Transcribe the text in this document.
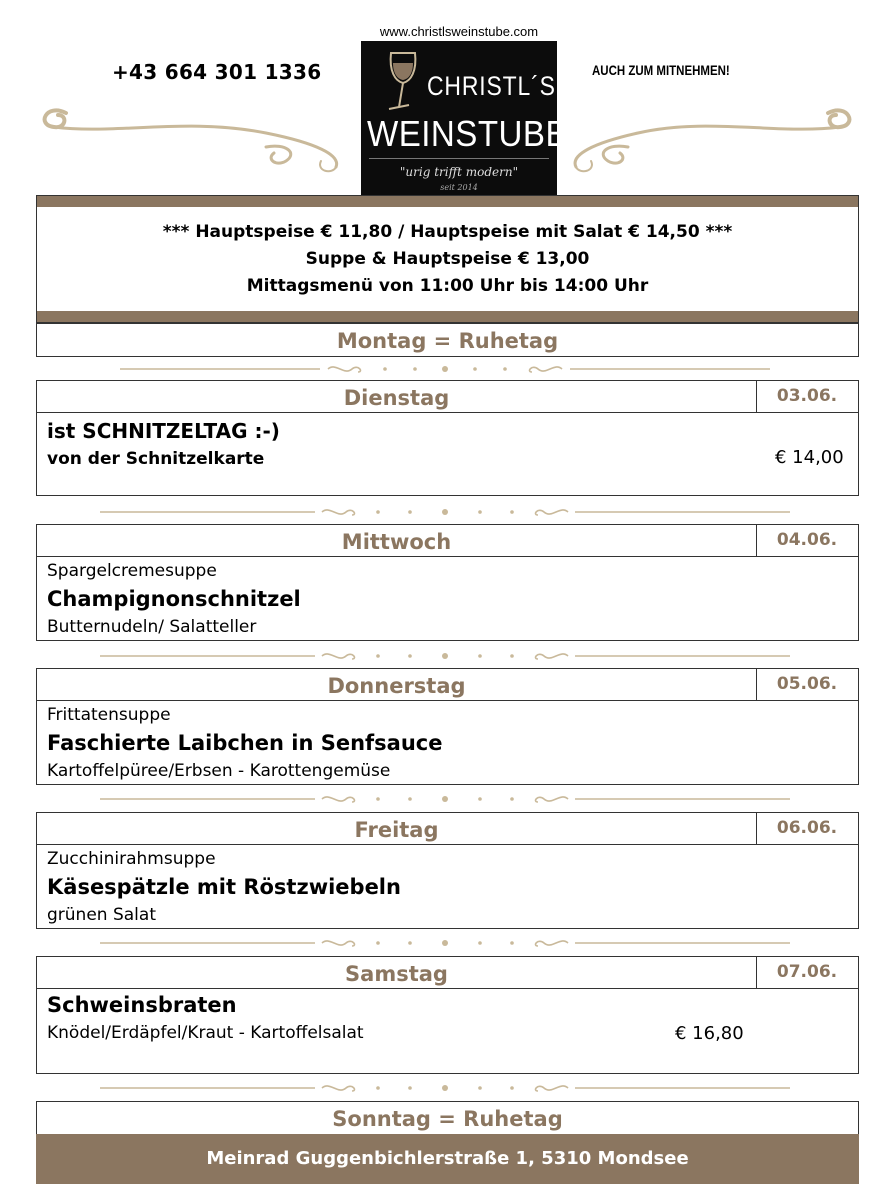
www.christlsweinstube.com
+43 664 301 1336	AUCH ZUM MITNEHMEN!
CHRISTL´S
WEINSTUBE
"urig trifft modern"
seit 2014
*** Hauptspeise € 11,80 / Hauptspeise mit Salat € 14,50 ***
Suppe & Hauptspeise € 13,00
Mittagsmenü von 11:00 Uhr bis 14:00 Uhr
Montag = Ruhetag
Dienstag	03.06.
ist SCHNITZELTAG :-)
von der Schnitzelkarte	€ 14,00
Mittwoch	04.06.
Spargelcremesuppe
Champignonschnitzel
Butternudeln/ Salatteller
Donnerstag	05.06.
Frittatensuppe
Faschierte Laibchen in Senfsauce
Kartoffelpüree/Erbsen - Karottengemüse
Freitag	06.06.
Zucchinirahmsuppe
Käsespätzle mit Röstzwiebeln
grünen Salat
Samstag	07.06.
Schweinsbraten
Knödel/Erdäpfel/Kraut - Kartoffelsalat	€ 16,80
Sonntag = Ruhetag
Meinrad Guggenbichlerstraße 1, 5310 Mondsee
